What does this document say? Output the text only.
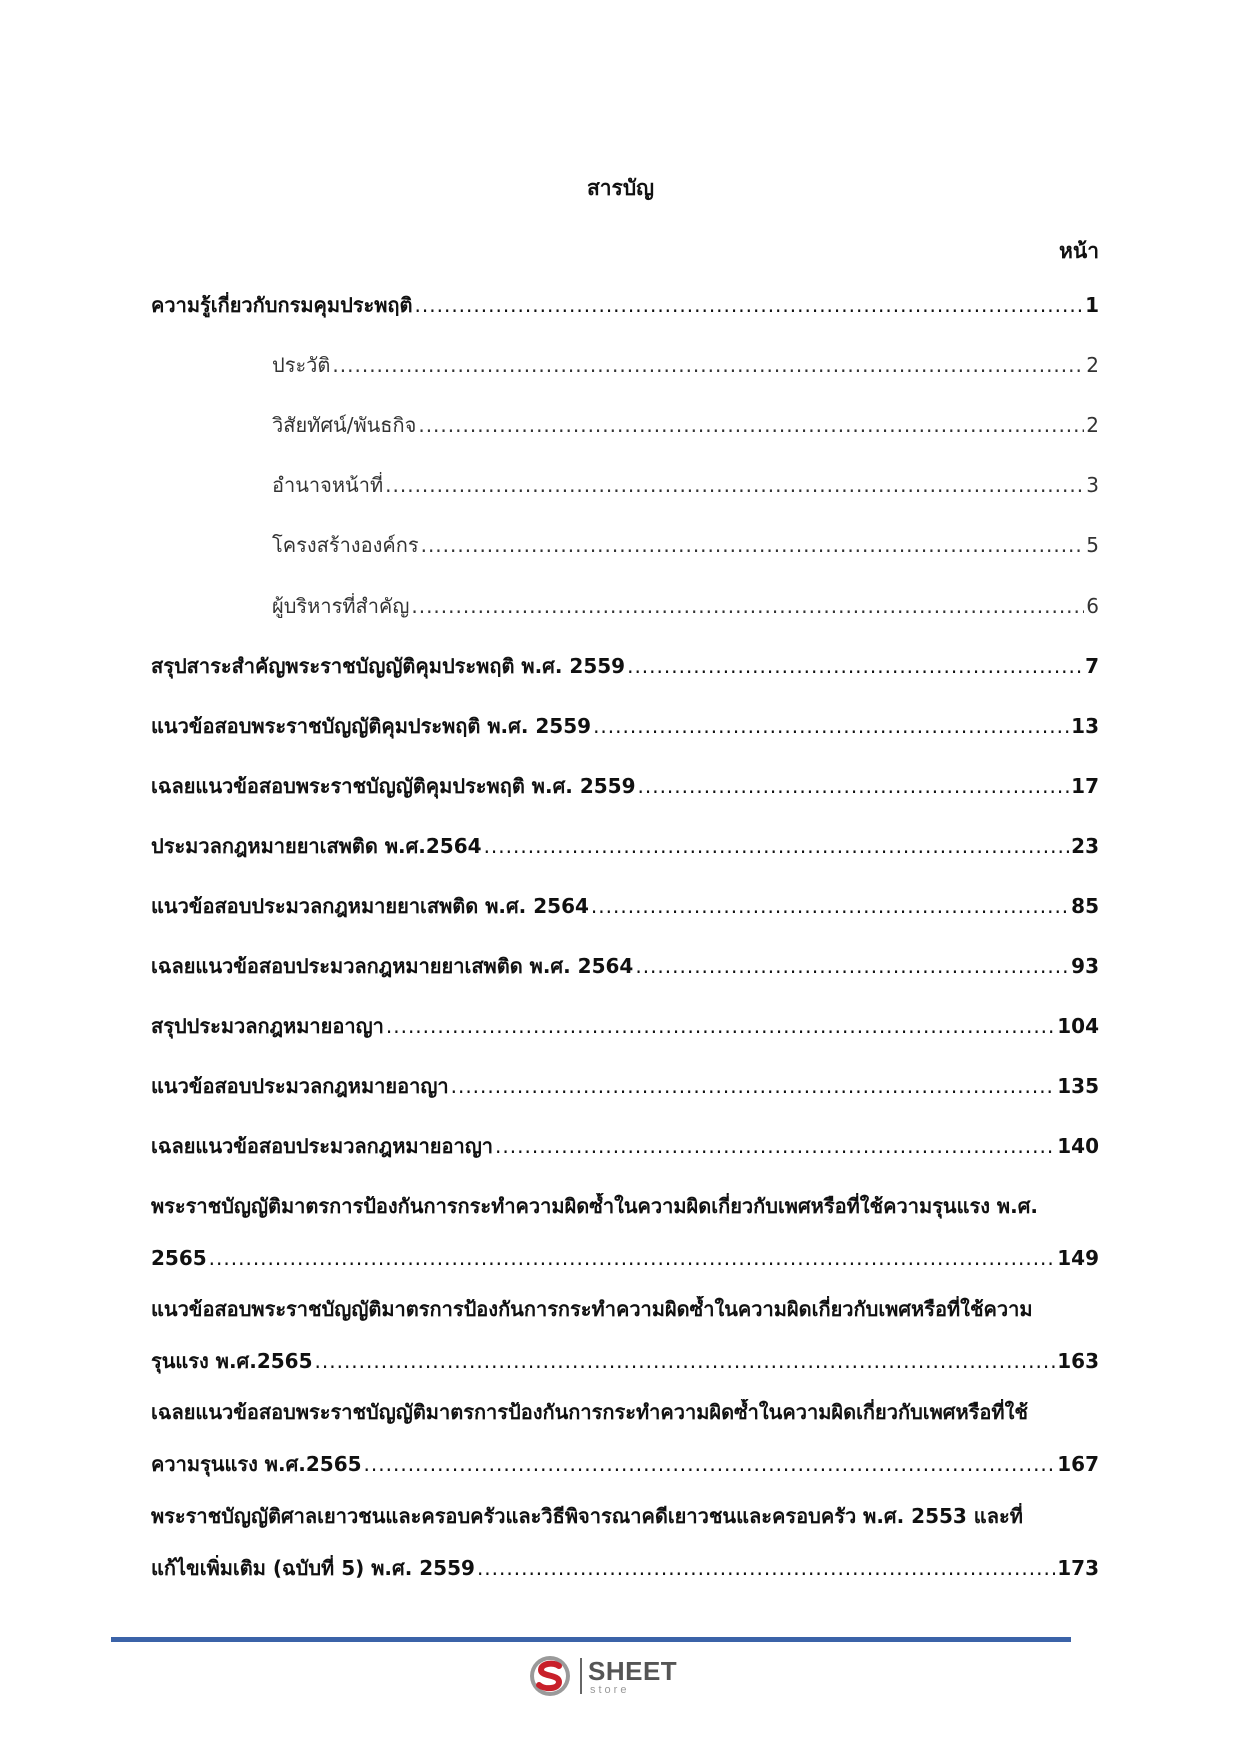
สารบัญ
หน้า
ความรู้เกี่ยวกับกรมคุมประพฤติ .....	1
ประวัติ .....	2
วิสัยทัศน์/พันธกิจ .....	2
อำนาจหน้าที่ .....	3
โครงสร้างองค์กร .....	5
ผู้บริหารที่สำคัญ .....	6
สรุปสาระสำคัญพระราชบัญญัติคุมประพฤติ พ.ศ. 2559 .....	7
แนวข้อสอบพระราชบัญญัติคุมประพฤติ พ.ศ. 2559 .....	13
เฉลยแนวข้อสอบพระราชบัญญัติคุมประพฤติ พ.ศ. 2559 .....	17
ประมวลกฎหมายยาเสพติด พ.ศ.2564 .....	23
แนวข้อสอบประมวลกฎหมายยาเสพติด พ.ศ. 2564 .....	85
เฉลยแนวข้อสอบประมวลกฎหมายยาเสพติด พ.ศ. 2564 .....	93
สรุปประมวลกฎหมายอาญา .....	104
แนวข้อสอบประมวลกฎหมายอาญา .....	135
เฉลยแนวข้อสอบประมวลกฎหมายอาญา .....	140
พระราชบัญญัติมาตรการป้องกันการกระทำความผิดซ้ำในความผิดเกี่ยวกับเพศหรือที่ใช้ความรุนแรง พ.ศ.
2565 .....	149
แนวข้อสอบพระราชบัญญัติมาตรการป้องกันการกระทำความผิดซ้ำในความผิดเกี่ยวกับเพศหรือที่ใช้ความ
รุนแรง พ.ศ.2565 .....	163
เฉลยแนวข้อสอบพระราชบัญญัติมาตรการป้องกันการกระทำความผิดซ้ำในความผิดเกี่ยวกับเพศหรือที่ใช้
ความรุนแรง พ.ศ.2565 .....	167
พระราชบัญญัติศาลเยาวชนและครอบครัวและวิธีพิจารณาคดีเยาวชนและครอบครัว พ.ศ. 2553 และที่
แก้ไขเพิ่มเติม (ฉบับที่ 5) พ.ศ. 2559 .....	173
SHEET
store
